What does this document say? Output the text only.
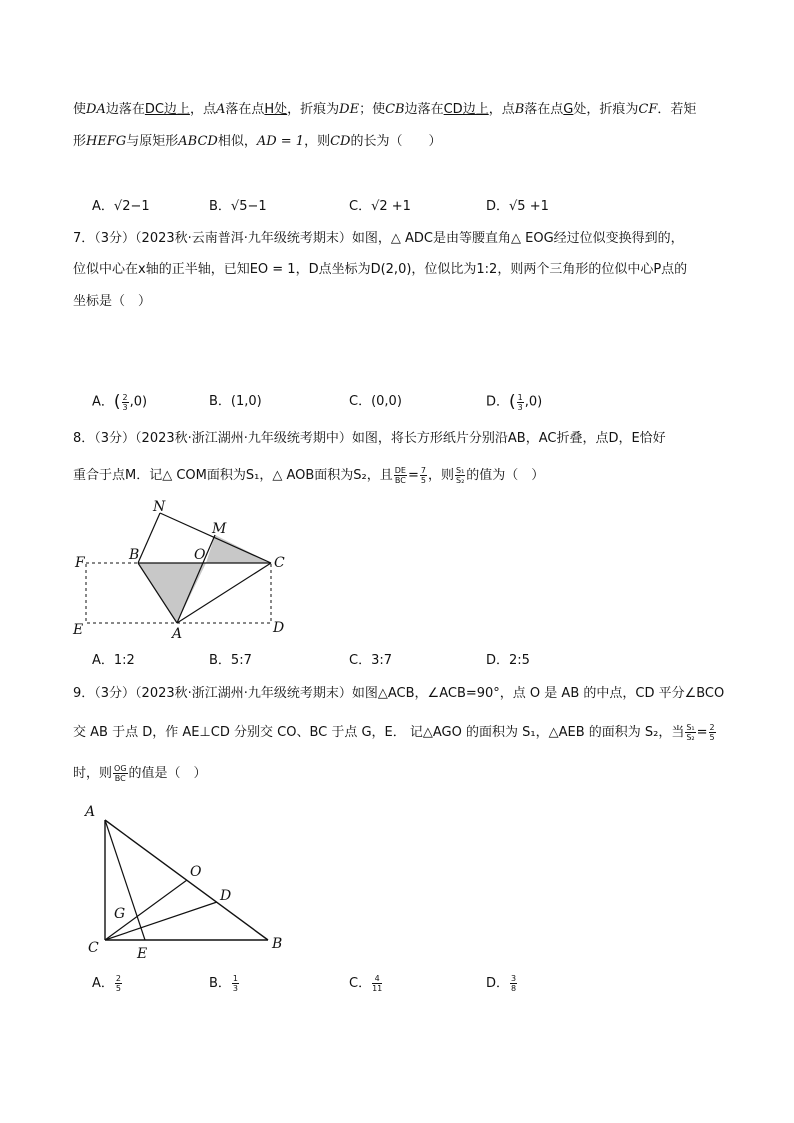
使DA边落在DC边上，点A落在点H处，折痕为DE；使CB边落在CD边上，点B落在点G处，折痕为CF．若矩
形HEFG与原矩形ABCD相似，AD = 1，则CD的长为（　　）
A．√2−1	B．√5−1	C．√2 +1	D．√5 +1
7．（3分）（2023秋·云南普洱·九年级统考期末）如图，△ ADC是由等腰直角△ EOG经过位似变换得到的，
位似中心在x轴的正半轴，已知EO = 1，D点坐标为D(2,0)，位似比为1:2，则两个三角形的位似中心P点的
坐标是（　）
A．( $\frac{2}{3} ,0$)	B．(1,0)	C．(0,0)	D．( $\frac{1}{3} ,0$)
8．（3分）（2023秋·浙江湖州·九年级统考期中）如图，将长方形纸片分别沿AB，AC折叠，点D，E恰好
重合于点M．记△ COM面积为S₁，△ AOB面积为S₂，且 $\frac{DE}{BC} = \frac{7}{5}$ ，则 $\frac{\text{S₁}}{\text{S₂}}$ 的值为（　）
N
M
F	B	O	C
E	A	D
A．1:2	B．5:7	C．3:7	D．2:5
9．（3分）（2023秋·浙江湖州·九年级统考期末）如图△ACB，∠ACB=90°，点 O 是 AB 的中点，CD 平分∠BCO
交 AB 于点 D，作 AE⊥CD 分别交 CO、BC 于点 G，E． 记△AGO 的面积为 S₁，△AEB 的面积为 S₂，当 $\frac{\text{S₁}}{\text{S₂}} = \frac{2}{5}$
时，则 $\frac{OG}{BC}$ 的值是（　）
A
O
D
G
C	E
B
A． $\frac{2}{5}$	B． $\frac{1}{3}$	C． $\frac{4}{11}$	D． $\frac{3}{8}$
